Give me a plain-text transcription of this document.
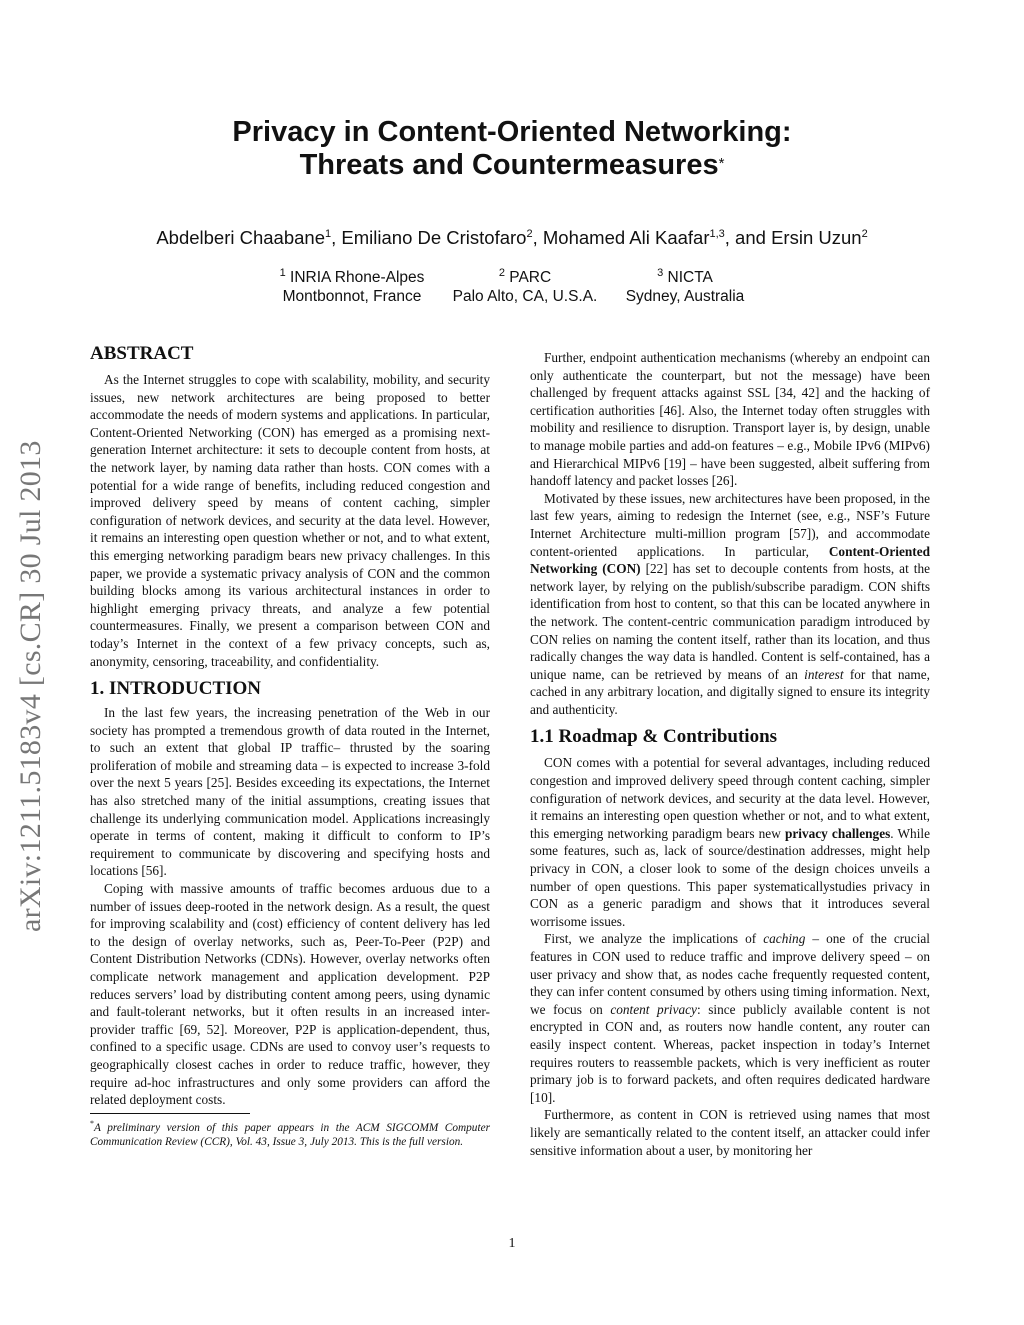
Privacy in Content-Oriented Networking:
Threats and Countermeasures*
Abdelberi Chaabane$^1$, Emiliano De Cristofaro$^2$, Mohamed Ali Kaafar$^{1,3}$, and Ersin Uzun$^2$
$^1$ INRIA Rhone-Alpes
Montbonnot, France
$^2$ PARC
Palo Alto, CA, U.S.A.
$^3$ NICTA
Sydney, Australia
arXiv:1211.5183v4 [cs.CR] 30 Jul 2013
ABSTRACT

As the Internet struggles to cope with scalability, mobility, and security issues, new network architectures are being proposed to better accommodate the needs of modern systems and applications. In particular, Content-Oriented Networking (CON) has emerged as a promising next-generation Internet architecture: it sets to decouple content from hosts, at the network layer, by naming data rather than hosts. CON comes with a potential for a wide range of benefits, including reduced congestion and improved delivery speed by means of content caching, simpler configuration of network devices, and security at the data level. However, it remains an interesting open question whether or not, and to what extent, this emerging networking paradigm bears new privacy challenges. In this paper, we provide a systematic privacy analysis of CON and the common building blocks among its various architectural instances in order to highlight emerging privacy threats, and analyze a few potential countermeasures. Finally, we present a comparison between CON and today’s Internet in the context of a few privacy concepts, such as, anonymity, censoring, traceability, and confidentiality.

1. INTRODUCTION

In the last few years, the increasing penetration of the Web in our society has prompted a tremendous growth of data routed in the Internet, to such an extent that global IP traffic– thrusted by the soaring proliferation of mobile and streaming data – is expected to increase 3-fold over the next 5 years [25]. Besides exceeding its expectations, the Internet has also stretched many of the initial assumptions, creating issues that challenge its underlying communication model. Applications increasingly operate in terms of content, making it difficult to conform to IP’s requirement to communicate by discovering and specifying hosts and locations [56].

Coping with massive amounts of traffic becomes arduous due to a number of issues deep-rooted in the network design. As a result, the quest for improving scalability and (cost) efficiency of content delivery has led to the design of overlay networks, such as, Peer-To-Peer (P2P) and Content Distribution Networks (CDNs). However, overlay networks often complicate network management and application development. P2P reduces servers’ load by distributing content among peers, using dynamic and fault-tolerant networks, but it often results in an increased inter-provider traffic [69, 52]. Moreover, P2P is application-dependent, thus, confined to a specific usage. CDNs are used to convoy user’s requests to geographically closest caches in order to reduce traffic, however, they require ad-hoc infrastructures and only some providers can afford the related deployment costs.

*A preliminary version of this paper appears in the ACM SIGCOMM Computer Communication Review (CCR), Vol. 43, Issue 3, July 2013. This is the full version.

Further, endpoint authentication mechanisms (whereby an endpoint can only authenticate the counterpart, but not the message) have been challenged by frequent attacks against SSL [34, 42] and the hacking of certification authorities [46]. Also, the Internet today often struggles with mobility and resilience to disruption. Transport layer is, by design, unable to manage mobile parties and add-on features – e.g., Mobile IPv6 (MIPv6) and Hierarchical MIPv6 [19] – have been suggested, albeit suffering from handoff latency and packet losses [26].

Motivated by these issues, new architectures have been proposed, in the last few years, aiming to redesign the Internet (see, e.g., NSF’s Future Internet Architecture multi-million program [57]), and accommodate content-oriented applications. In particular, Content-Oriented Networking (CON) [22] has set to decouple contents from hosts, at the network layer, by relying on the publish/subscribe paradigm. CON shifts identification from host to content, so that this can be located anywhere in the network. The content-centric communication paradigm introduced by CON relies on naming the content itself, rather than its location, and thus radically changes the way data is handled. Content is self-contained, has a unique name, can be retrieved by means of an interest for that name, cached in any arbitrary location, and digitally signed to ensure its integrity and authenticity.

1.1 Roadmap & Contributions

CON comes with a potential for several advantages, including reduced congestion and improved delivery speed through content caching, simpler configuration of network devices, and security at the data level. However, it remains an interesting open question whether or not, and to what extent, this emerging networking paradigm bears new privacy challenges. While some features, such as, lack of source/destination addresses, might help privacy in CON, a closer look to some of the design choices unveils a number of open questions. This paper systematicallystudies privacy in CON as a generic paradigm and shows that it introduces several worrisome issues.

First, we analyze the implications of caching – one of the crucial features in CON used to reduce traffic and improve delivery speed – on user privacy and show that, as nodes cache frequently requested content, they can infer content consumed by others using timing information. Next, we focus on content privacy: since publicly available content is not encrypted in CON and, as routers now handle content, any router can easily inspect content. Whereas, packet inspection in today’s Internet requires routers to reassemble packets, which is very inefficient as router primary job is to forward packets, and often requires dedicated hardware [10].

Furthermore, as content in CON is retrieved using names that most likely are semantically related to the content itself, an attacker could infer sensitive information about a user, by monitoring her

1
